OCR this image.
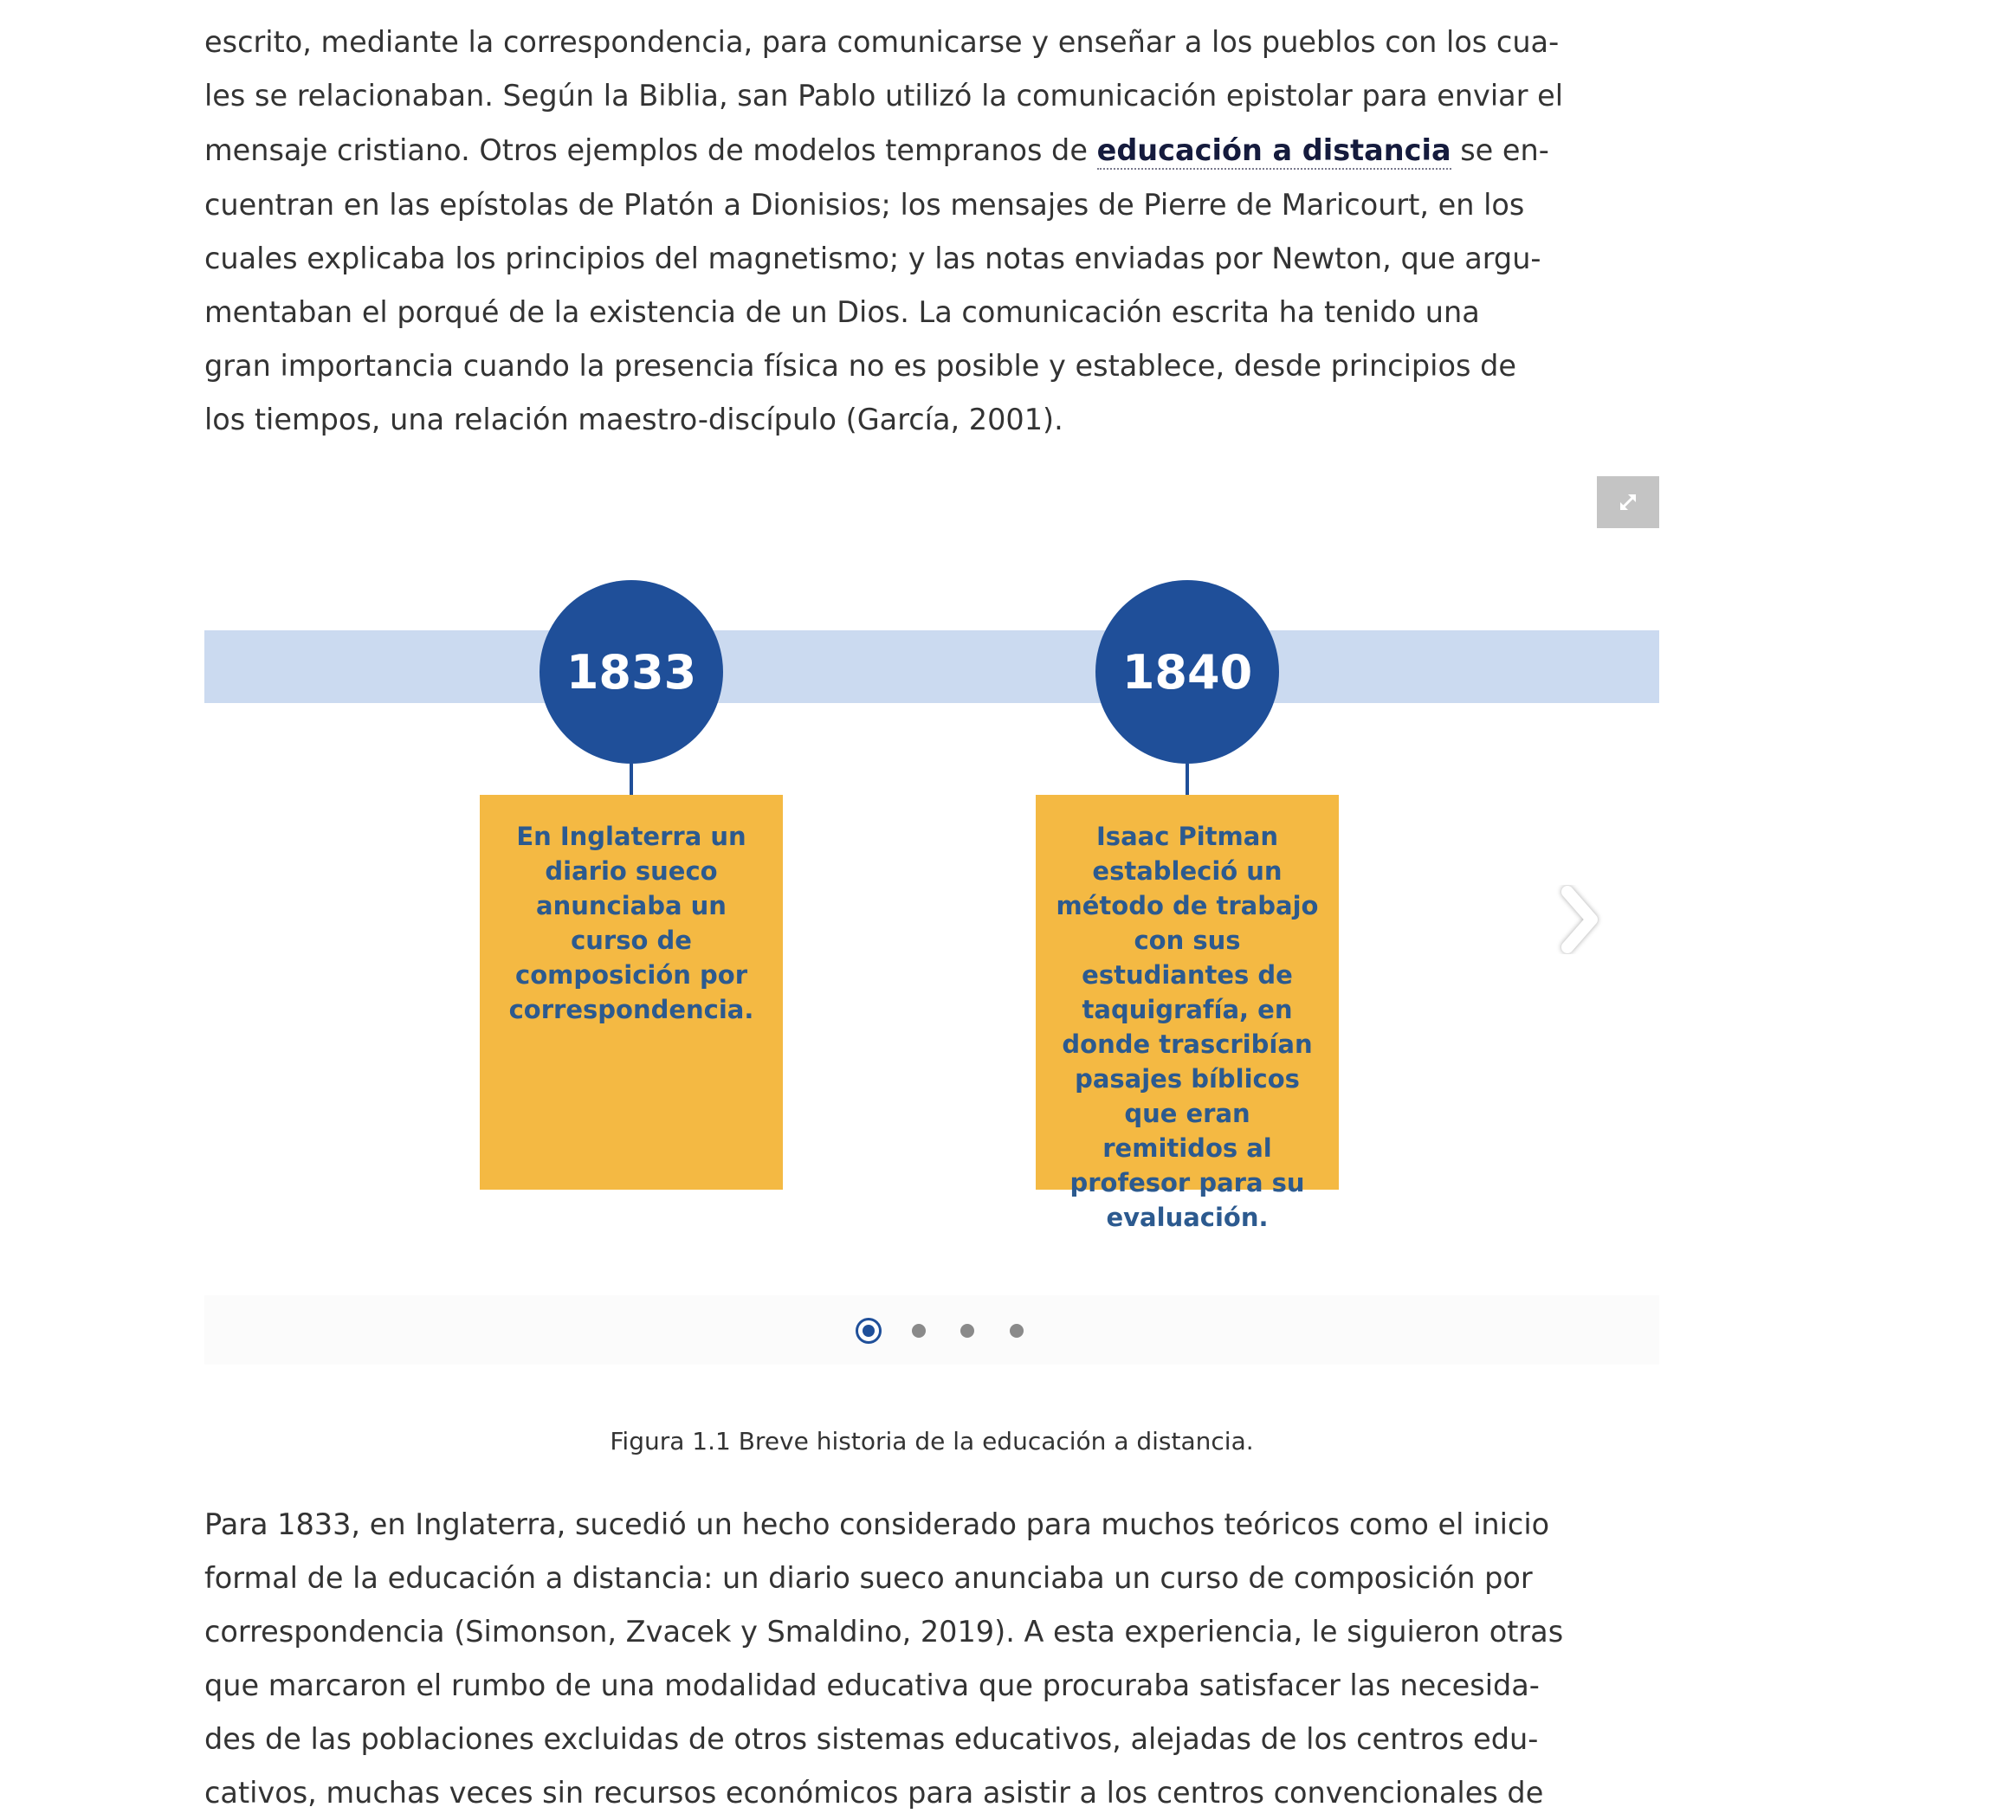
escrito, mediante la correspondencia, para comunicarse y enseñar a los pueblos con los cua-
les se relacionaban. Según la Biblia, san Pablo utilizó la comunicación epistolar para enviar el
mensaje cristiano. Otros ejemplos de modelos tempranos de educación a distancia se en-
cuentran en las epístolas de Platón a Dionisios; los mensajes de Pierre de Maricourt, en los
cuales explicaba los principios del magnetismo; y las notas enviadas por Newton, que argu-
mentaban el porqué de la existencia de un Dios. La comunicación escrita ha tenido una
gran importancia cuando la presencia física no es posible y establece, desde principios de
los tiempos, una relación maestro-discípulo (García, 2001).
1833
En Inglaterra un diario sueco anunciaba un curso de composición por correspondencia.
1840
Isaac Pitman estableció un método de trabajo con sus estudiantes de taquigrafía, en donde trascribían pasajes bíblicos que eran remitidos al profesor para su evaluación.
Figura 1.1 Breve historia de la educación a distancia.
Para 1833, en Inglaterra, sucedió un hecho considerado para muchos teóricos como el inicio
formal de la educación a distancia: un diario sueco anunciaba un curso de composición por
correspondencia (Simonson, Zvacek y Smaldino, 2019). A esta experiencia, le siguieron otras
que marcaron el rumbo de una modalidad educativa que procuraba satisfacer las necesida-
des de las poblaciones excluidas de otros sistemas educativos, alejadas de los centros edu-
cativos, muchas veces sin recursos económicos para asistir a los centros convencionales de
